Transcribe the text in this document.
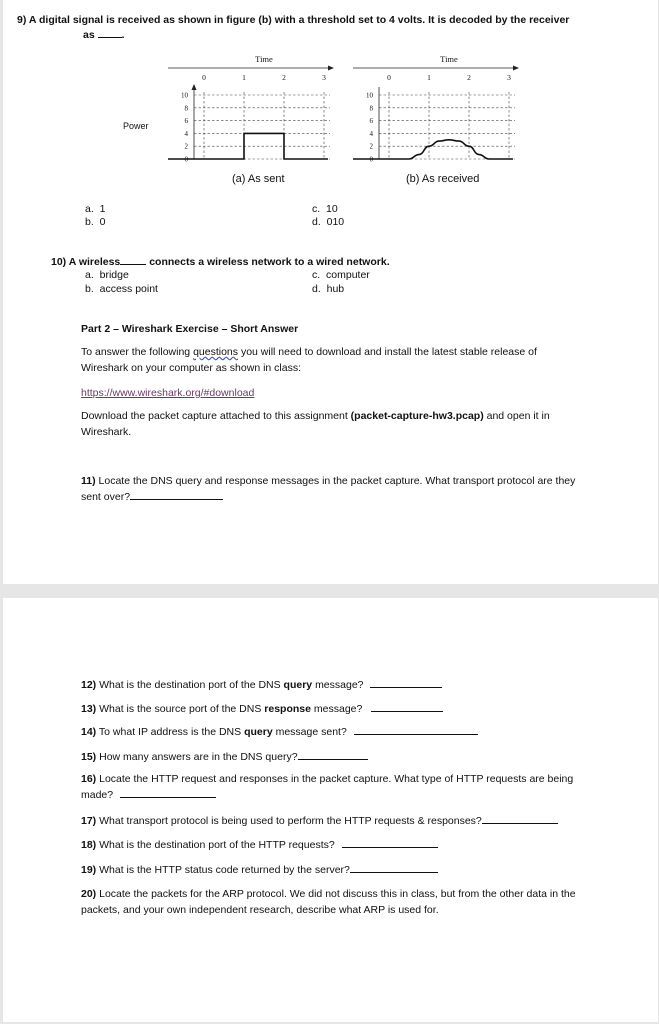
9) A digital signal is received as shown in figure (b) with a threshold set to 4 volts. It is decoded by the receiver
as	.
Time
0	1	2	3
0
2
4
6
8
10
Time
0	1	2	3
0
2
4
6
8
10
Power
(a) As sent	(b) As received
a. 1
b. 0
c. 10
d. 010
10) A wireless	connects a wireless network to a wired network.
a. bridge
b. access point
c. computer
d. hub
Part 2 – Wireshark Exercise – Short Answer
To answer the following questions you will need to download and install the latest stable release of Wireshark on your computer as shown in class:
https://www.wireshark.org/#download
Download the packet capture attached to this assignment (packet-capture-hw3.pcap) and open it in Wireshark.
11) Locate the DNS query and response messages in the packet capture. What transport protocol are they sent over?
12) What is the destination port of the DNS query message?
13) What is the source port of the DNS response message?
14) To what IP address is the DNS query message sent?
15) How many answers are in the DNS query?
16) Locate the HTTP request and responses in the packet capture. What type of HTTP requests are being made?
17) What transport protocol is being used to perform the HTTP requests & responses?
18) What is the destination port of the HTTP requests?
19) What is the HTTP status code returned by the server?
20) Locate the packets for the ARP protocol. We did not discuss this in class, but from the other data in the packets, and your own independent research, describe what ARP is used for.
